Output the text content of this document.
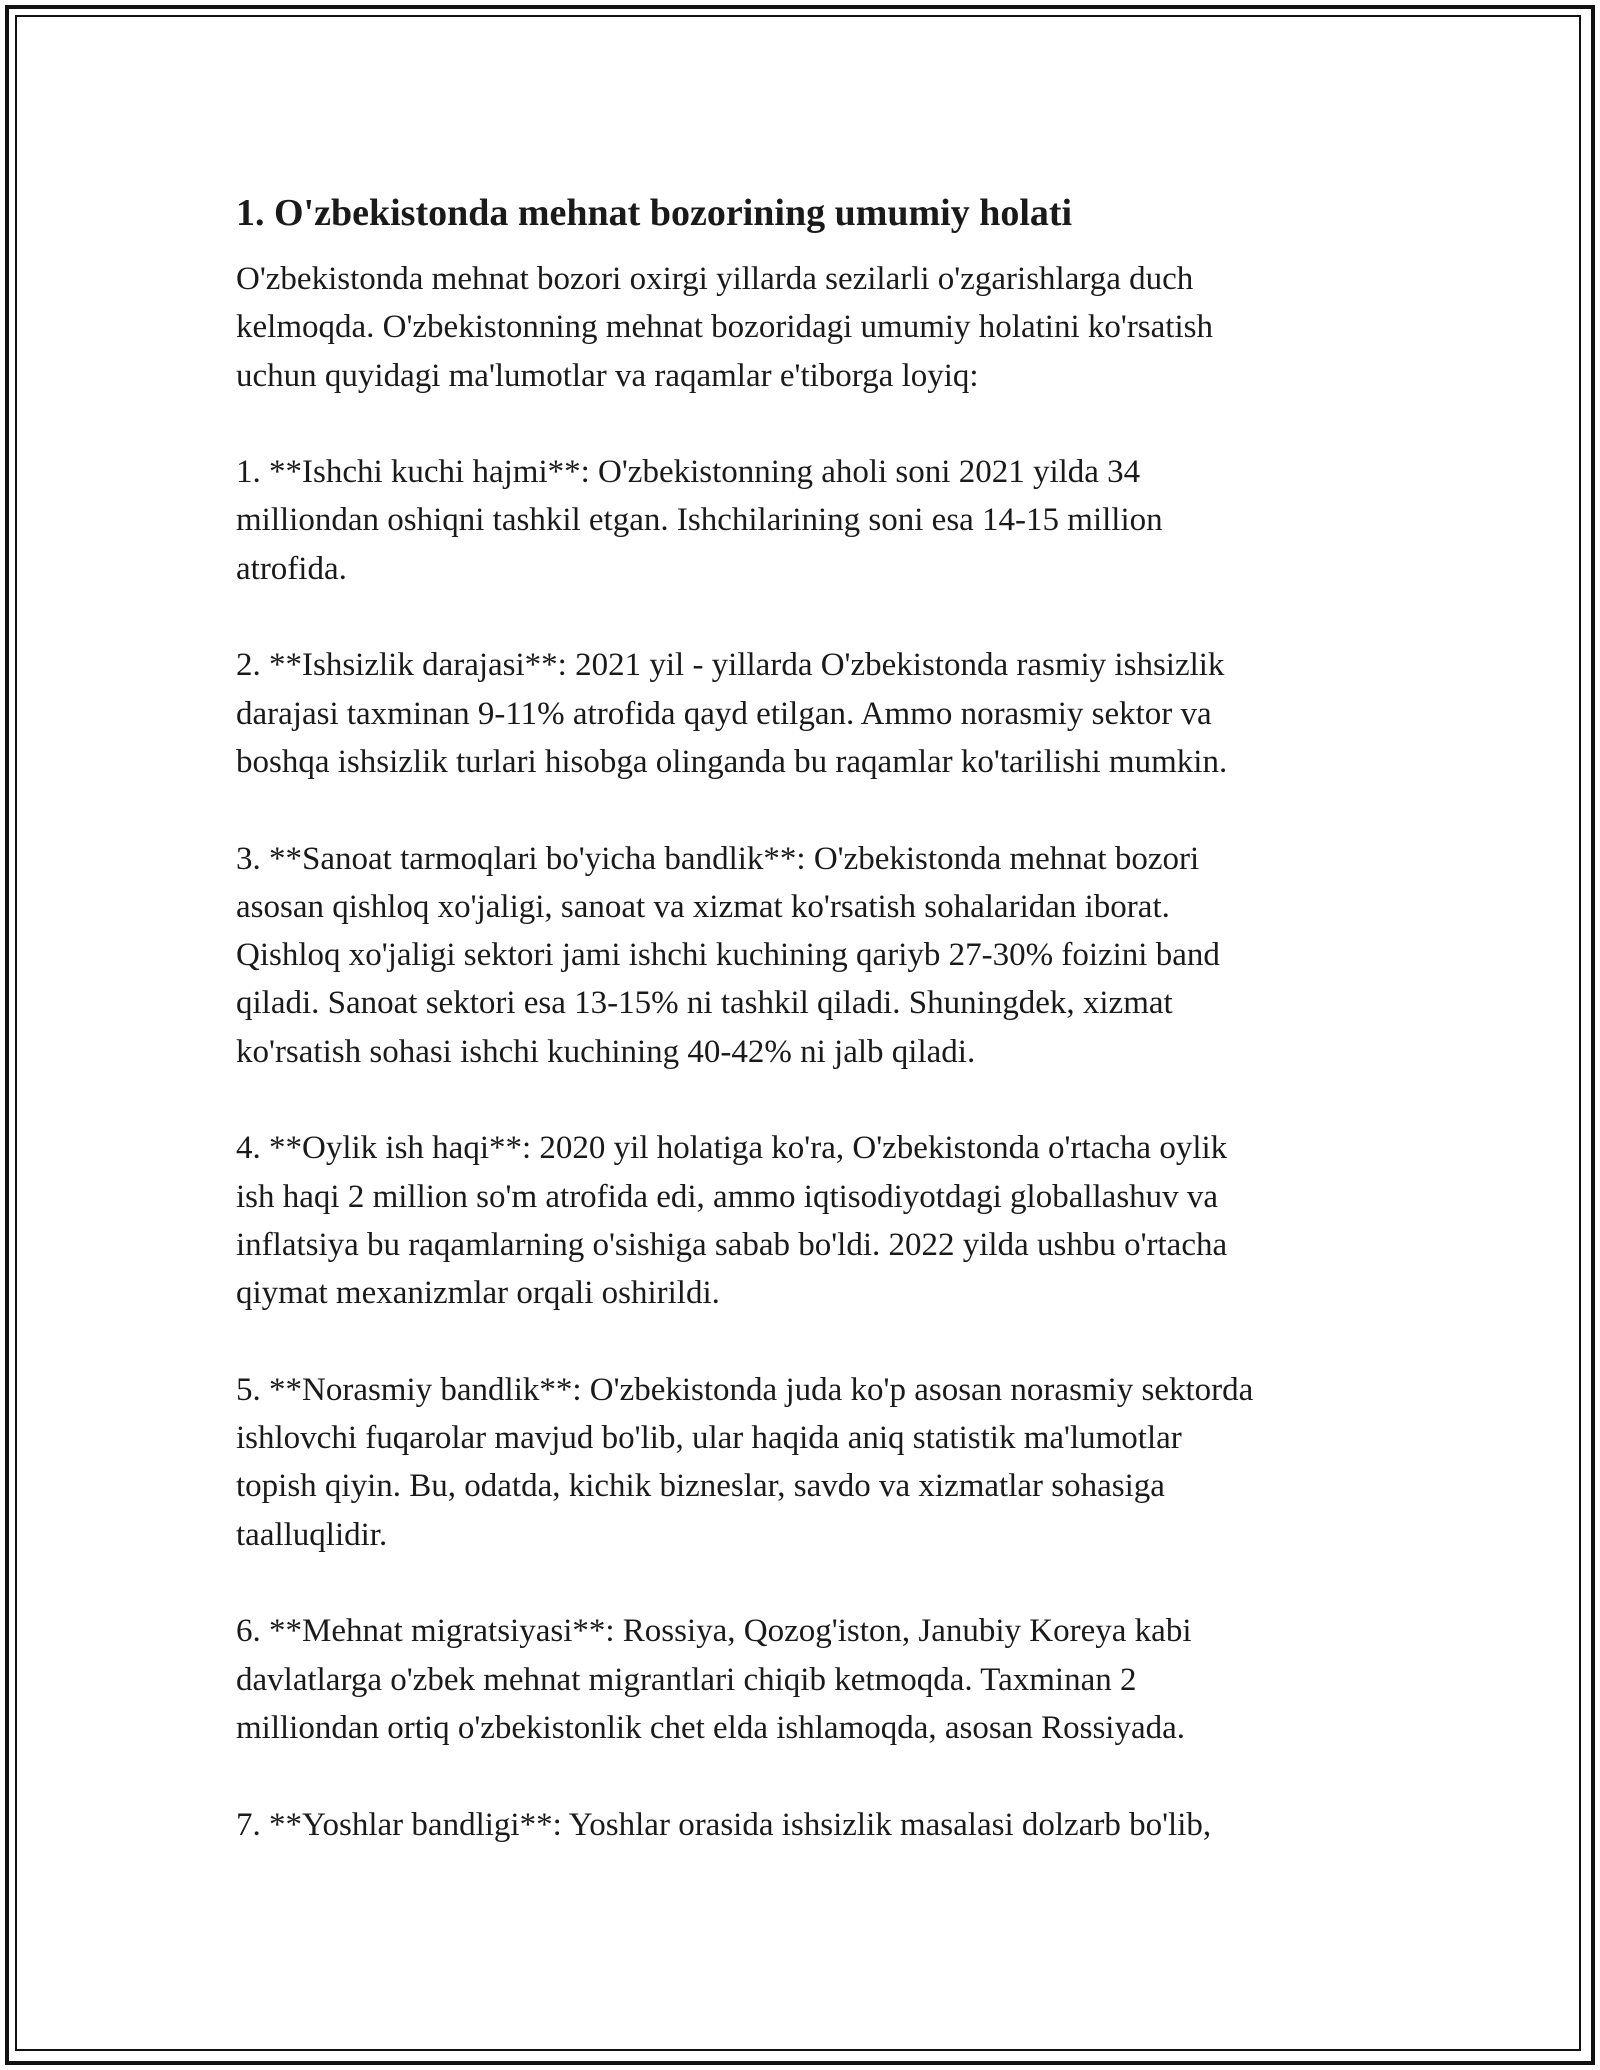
1. O'zbekistonda mehnat bozorining umumiy holati
O'zbekistonda mehnat bozori oxirgi yillarda sezilarli o'zgarishlarga duch
kelmoqda. O'zbekistonning mehnat bozoridagi umumiy holatini ko'rsatish
uchun quyidagi ma'lumotlar va raqamlar e'tiborga loyiq:
1. **Ishchi kuchi hajmi**: O'zbekistonning aholi soni 2021 yilda 34
milliondan oshiqni tashkil etgan. Ishchilarining soni esa 14-15 million
atrofida.
2. **Ishsizlik darajasi**: 2021 yil - yillarda O'zbekistonda rasmiy ishsizlik
darajasi taxminan 9-11% atrofida qayd etilgan. Ammo norasmiy sektor va
boshqa ishsizlik turlari hisobga olinganda bu raqamlar ko'tarilishi mumkin.
3. **Sanoat tarmoqlari bo'yicha bandlik**: O'zbekistonda mehnat bozori
asosan qishloq xo'jaligi, sanoat va xizmat ko'rsatish sohalaridan iborat.
Qishloq xo'jaligi sektori jami ishchi kuchining qariyb 27-30% foizini band
qiladi. Sanoat sektori esa 13-15% ni tashkil qiladi. Shuningdek, xizmat
ko'rsatish sohasi ishchi kuchining 40-42% ni jalb qiladi.
4. **Oylik ish haqi**: 2020 yil holatiga ko'ra, O'zbekistonda o'rtacha oylik
ish haqi 2 million so'm atrofida edi, ammo iqtisodiyotdagi globallashuv va
inflatsiya bu raqamlarning o'sishiga sabab bo'ldi. 2022 yilda ushbu o'rtacha
qiymat mexanizmlar orqali oshirildi.
5. **Norasmiy bandlik**: O'zbekistonda juda ko'p asosan norasmiy sektorda
ishlovchi fuqarolar mavjud bo'lib, ular haqida aniq statistik ma'lumotlar
topish qiyin. Bu, odatda, kichik bizneslar, savdo va xizmatlar sohasiga
taalluqlidir.
6. **Mehnat migratsiyasi**: Rossiya, Qozog'iston, Janubiy Koreya kabi
davlatlarga o'zbek mehnat migrantlari chiqib ketmoqda. Taxminan 2
milliondan ortiq o'zbekistonlik chet elda ishlamoqda, asosan Rossiyada.
7. **Yoshlar bandligi**: Yoshlar orasida ishsizlik masalasi dolzarb bo'lib,
